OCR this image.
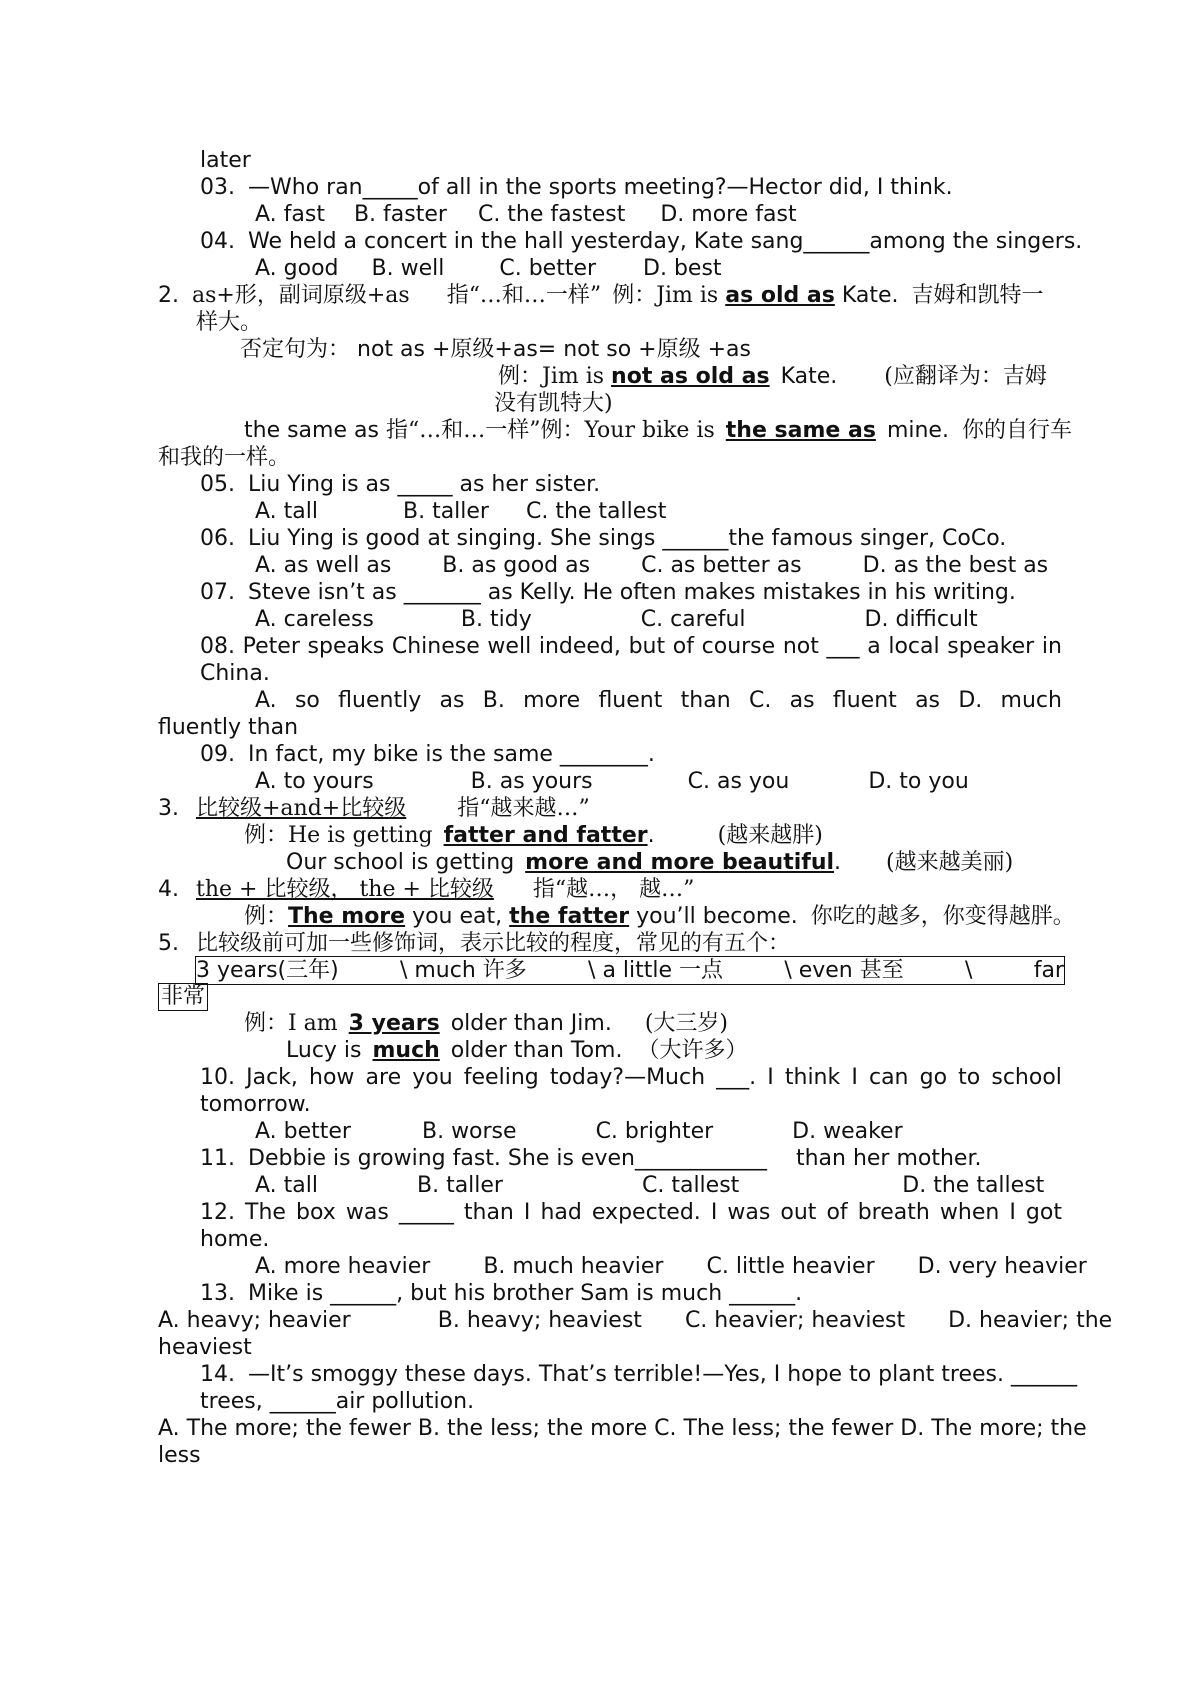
later
03. —Who ran_____of all in the sports meeting?—Hector did, I think.
A. fast B. faster C. the fastest D. more fast
04. We held a concert in the hall yesterday, Kate sang______among the singers.
A. good B. well	C. better D. best
2. as+形，副词原级+as 指“…和…一样” 例：Jim is as old as Kate. 吉姆和凯特一
样大。
否定句为： not as +原级+as= not so +原级 +as
例：Jim is not as old as Kate. (应翻译为：吉姆
没有凯特大)
the same as 指“…和…一样”例：Your bike is the same as mine. 你的自行车
和我的一样。
05. Liu Ying is as _____ as her sister.
A. tall	B. taller C. the tallest
06. Liu Ying is good at singing. She sings ______the famous singer, CoCo.
A. as well as B. as good as C. as better as	D. as the best as
07. Steve isn’t as _______ as Kelly. He often makes mistakes in his writing.
A. careless	B. tidy	C. careful	D. difficult
08. Peter speaks Chinese well indeed, but of course not ___ a local speaker in
China.
A. so fluently as B. more fluent than C. as fluent as D. much
fluently than
09. In fact, my bike is the same ________.
A. to yours	B. as yours	C. as you	D. to you
3. 比较级+and+比较级 指“越来越…”
例：He is getting fatter and fatter.	(越来越胖)
Our school is getting more and more beautiful. (越来越美丽)
4. the + 比较级， the + 比较级 指“越…， 越…”
例：The more you eat, the fatter you’ll become. 你吃的越多，你变得越胖。
5. 比较级前可加一些修饰词，表示比较的程度，常见的有五个：
3 years(三年)	\ much 许多	\ a little 一点	\ even 甚至	\	far
非常
例：I am 3 years older than Jim. (大三岁)
Lucy is much older than Tom. （大许多）
10. Jack, how are you feeling today?—Much ___. I think I can go to school
tomorrow.
A. better	B. worse	C. brighter	D. weaker
11. Debbie is growing fast. She is even____________ than her mother.
A. tall	B. taller	C. tallest	D. the tallest
12. The box was _____ than I had expected. I was out of breath when I got
home.
A. more heavier B. much heavier C. little heavier D. very heavier
13. Mike is ______, but his brother Sam is much ______.
A. heavy; heavier	B. heavy; heaviest C. heavier; heaviest D. heavier; the
heaviest
14. —It’s smoggy these days. That’s terrible!—Yes, I hope to plant trees. ______
trees, ______air pollution.
A. The more; the fewer B. the less; the more C. The less; the fewer D. The more; the
less
